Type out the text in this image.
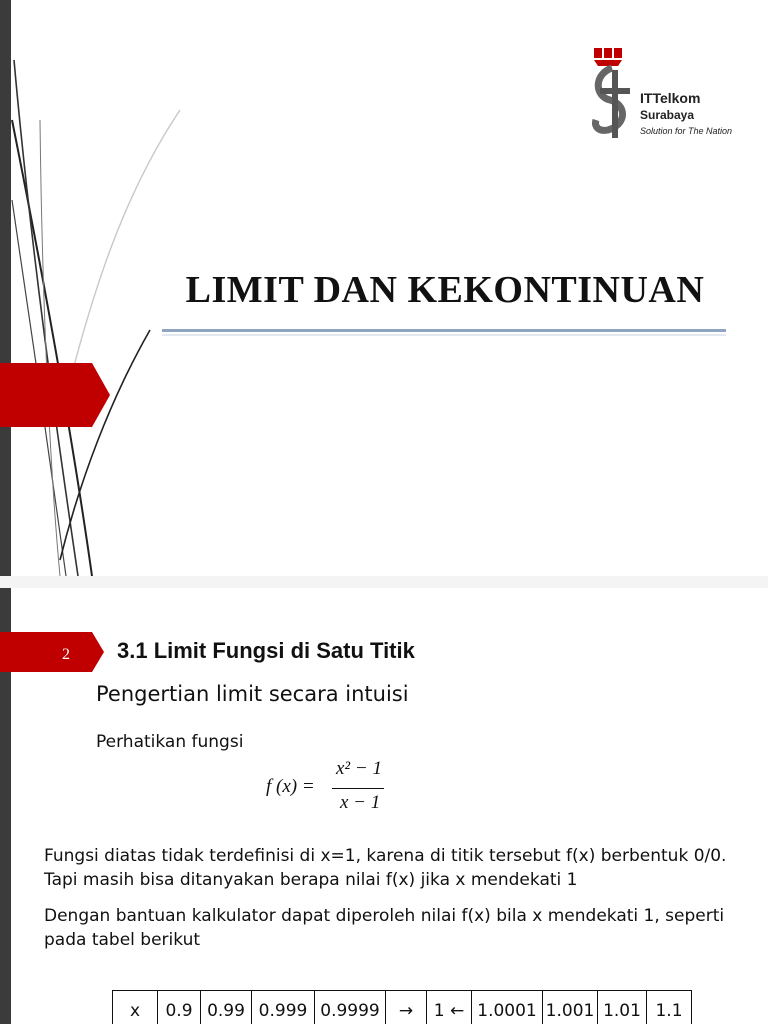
ITTelkom
Surabaya
Solution for The Nation
LIMIT DAN KEKONTINUAN
2 3.1 Limit Fungsi di Satu Titik
Pengertian limit secara intuisi
Perhatikan fungsi
f (x) =
x² − 1
x − 1
Fungsi diatas tidak terdefinisi di x=1, karena di titik tersebut f(x) berbentuk 0/0. Tapi masih bisa ditanyakan berapa nilai f(x) jika x mendekati 1
Dengan bantuan kalkulator dapat diperoleh nilai f(x) bila x mendekati 1, seperti pada tabel berikut
x	0.9	0.99	0.999	0.9999	→	1 ←	1.0001	1.001	1.01	1.1
